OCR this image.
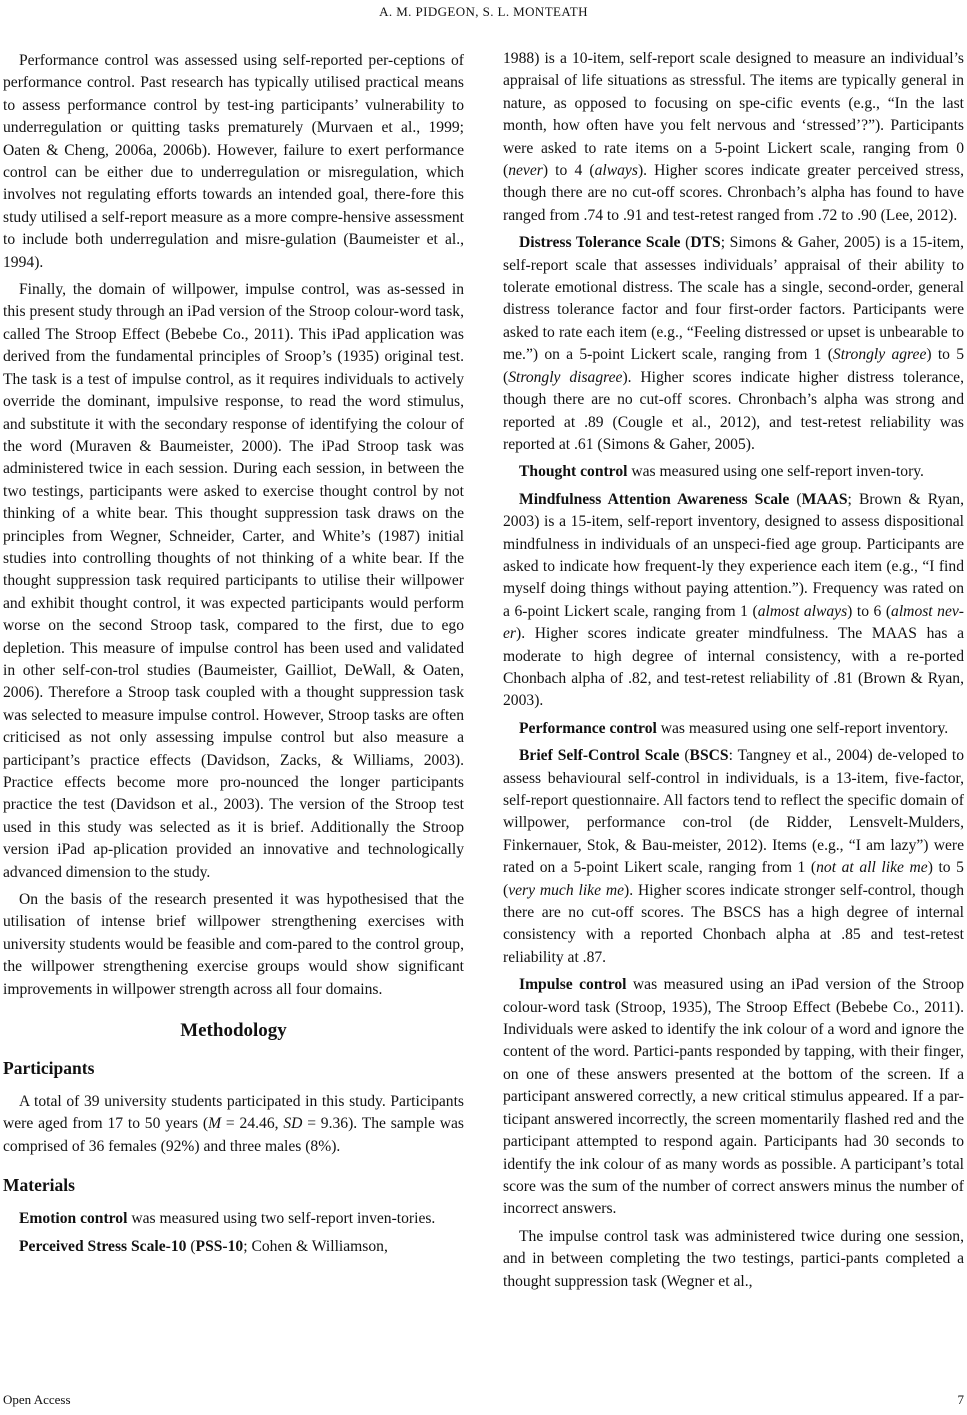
A. M. PIDGEON, S. L. MONTEATH

Performance control was assessed using self-reported per-ceptions of performance control. Past research has typically utilised practical means to assess performance control by test-ing participants’ vulnerability to underregulation or quitting tasks prematurely (Murvaen et al., 1999; Oaten & Cheng, 2006a, 2006b). However, failure to exert performance control can be either due to underregulation or misregulation, which involves not regulating efforts towards an intended goal, there-fore this study utilised a self-report measure as a more compre-hensive assessment to include both underregulation and misre-gulation (Baumeister et al., 1994).

Finally, the domain of willpower, impulse control, was as-sessed in this present study through an iPad version of the Stroop colour-word task, called The Stroop Effect (Bebebe Co., 2011). This iPad application was derived from the fundamental principles of Sroop’s (1935) original test. The task is a test of impulse control, as it requires individuals to actively override the dominant, impulsive response, to read the word stimulus, and substitute it with the secondary response of identifying the colour of the word (Muraven & Baumeister, 2000). The iPad Stroop task was administered twice in each session. During each session, in between the two testings, participants were asked to exercise thought control by not thinking of a white bear. This thought suppression task draws on the principles from Wegner, Schneider, Carter, and White’s (1987) initial studies into controlling thoughts of not thinking of a white bear. If the thought suppression task required participants to utilise their willpower and exhibit thought control, it was expected participants would perform worse on the second Stroop task, compared to the first, due to ego depletion. This measure of impulse control has been used and validated in other self-con-trol studies (Baumeister, Gailliot, DeWall, & Oaten, 2006). Therefore a Stroop task coupled with a thought suppression task was selected to measure impulse control. However, Stroop tasks are often criticised as not only assessing impulse control but also measure a participant’s practice effects (Davidson, Zacks, & Williams, 2003). Practice effects become more pro-nounced the longer participants practice the test (Davidson et al., 2003). The version of the Stroop test used in this study was selected as it is brief. Additionally the Stroop version iPad ap-plication provided an innovative and technologically advanced dimension to the study.

On the basis of the research presented it was hypothesised that the utilisation of intense brief willpower strengthening exercises with university students would be feasible and com-pared to the control group, the willpower strengthening exercise groups would show significant improvements in willpower strength across all four domains.

Methodology
Participants

A total of 39 university students participated in this study. Participants were aged from 17 to 50 years (M = 24.46, SD = 9.36). The sample was comprised of 36 females (92%) and three males (8%).

Materials

Emotion control was measured using two self-report inven-tories.

Perceived Stress Scale-10 (PSS-10; Cohen & Williamson,

1988) is a 10-item, self-report scale designed to measure an individual’s appraisal of life situations as stressful. The items are typically general in nature, as opposed to focusing on spe-cific events (e.g., “In the last month, how often have you felt nervous and ‘stressed’?”). Participants were asked to rate items on a 5-point Lickert scale, ranging from 0 (never) to 4 (always). Higher scores indicate greater perceived stress, though there are no cut-off scores. Chronbach’s alpha has found to have ranged from .74 to .91 and test-retest ranged from .72 to .90 (Lee, 2012).

Distress Tolerance Scale (DTS; Simons & Gaher, 2005) is a 15-item, self-report scale that assesses individuals’ appraisal of their ability to tolerate emotional distress. The scale has a single, second-order, general distress tolerance factor and four first-order factors. Participants were asked to rate each item (e.g., “Feeling distressed or upset is unbearable to me.”) on a 5-point Lickert scale, ranging from 1 (Strongly agree) to 5 (Strongly disagree). Higher scores indicate higher distress tolerance, though there are no cut-off scores. Chronbach’s alpha was strong and reported at .89 (Cougle et al., 2012), and test-retest reliability was reported at .61 (Simons & Gaher, 2005).

Thought control was measured using one self-report inven-tory.

Mindfulness Attention Awareness Scale (MAAS; Brown & Ryan, 2003) is a 15-item, self-report inventory, designed to assess dispositional mindfulness in individuals of an unspeci-fied age group. Participants are asked to indicate how frequent-ly they experience each item (e.g., “I find myself doing things without paying attention.”). Frequency was rated on a 6-point Lickert scale, ranging from 1 (almost always) to 6 (almost nev-er). Higher scores indicate greater mindfulness. The MAAS has a moderate to high degree of internal consistency, with a re-ported Chonbach alpha of .82, and test-retest reliability of .81 (Brown & Ryan, 2003).

Performance control was measured using one self-report inventory.

Brief Self-Control Scale (BSCS: Tangney et al., 2004) de-veloped to assess behavioural self-control in individuals, is a 13-item, five-factor, self-report questionnaire. All factors tend to reflect the specific domain of willpower, performance con-trol (de Ridder, Lensvelt-Mulders, Finkernauer, Stok, & Bau-meister, 2012). Items (e.g., “I am lazy”) were rated on a 5-point Likert scale, ranging from 1 (not at all like me) to 5 (very much like me). Higher scores indicate stronger self-control, though there are no cut-off scores. The BSCS has a high degree of internal consistency with a reported Chonbach alpha at .85 and test-retest reliability at .87.

Impulse control was measured using an iPad version of the Stroop colour-word task (Stroop, 1935), The Stroop Effect (Bebebe Co., 2011). Individuals were asked to identify the ink colour of a word and ignore the content of the word. Partici-pants responded by tapping, with their finger, on one of these answers presented at the bottom of the screen. If a participant answered correctly, a new critical stimulus appeared. If a par-ticipant answered incorrectly, the screen momentarily flashed red and the participant attempted to respond again. Participants had 30 seconds to identify the ink colour of as many words as possible. A participant’s total score was the sum of the number of correct answers minus the number of incorrect answers.

The impulse control task was administered twice during one session, and in between completing the two testings, partici-pants completed a thought suppression task (Wegner et al.,

Open Access	7
